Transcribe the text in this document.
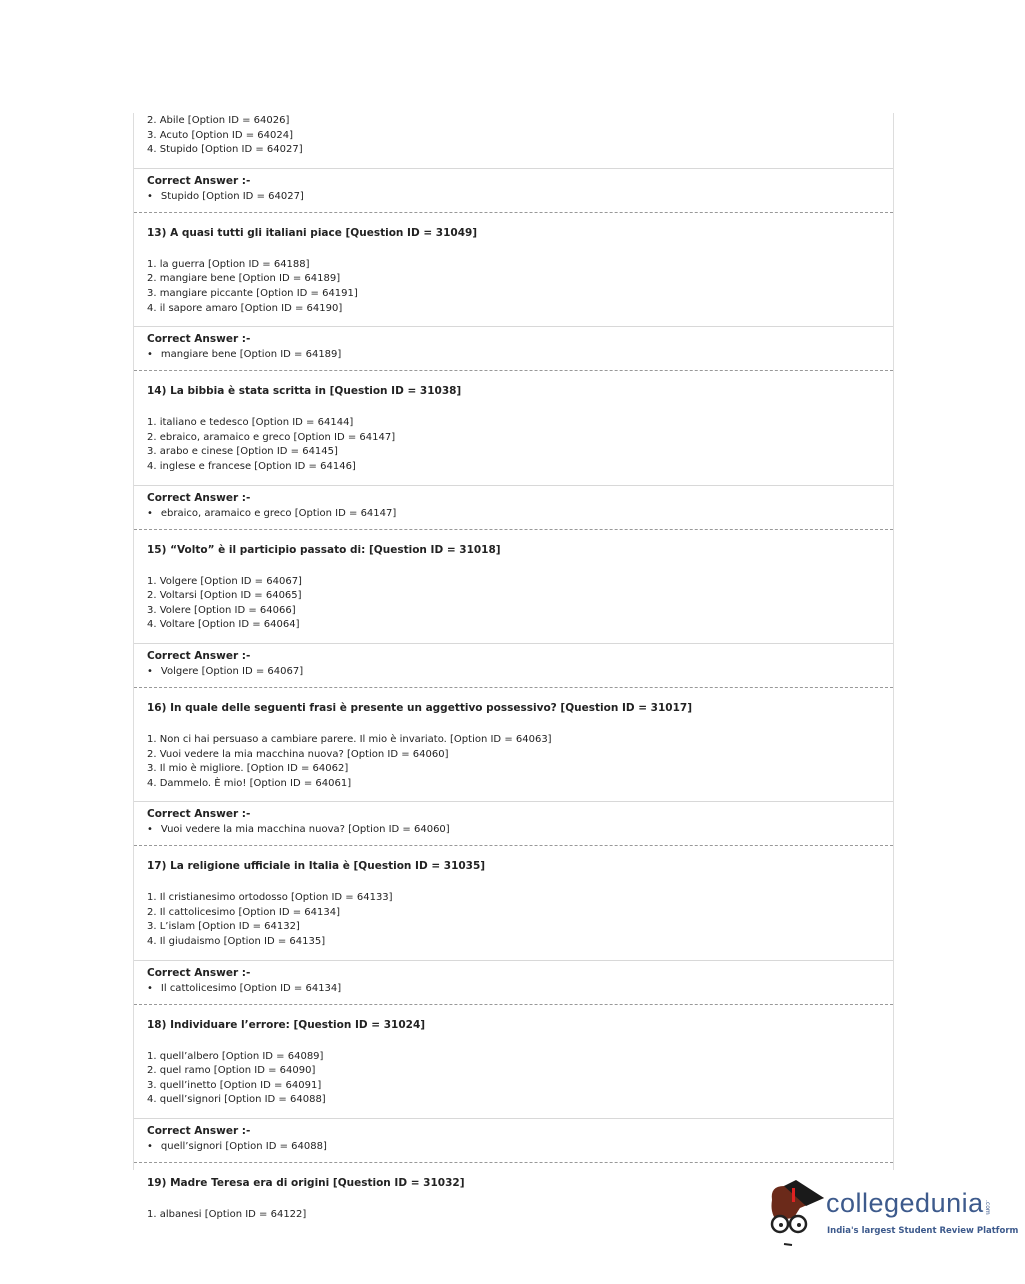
2. Abile [Option ID = 64026]
3. Acuto [Option ID = 64024]
4. Stupido [Option ID = 64027]
Correct Answer :-
• Stupido [Option ID = 64027]
13) A quasi tutti gli italiani piace [Question ID = 31049]
1. la guerra [Option ID = 64188]
2. mangiare bene [Option ID = 64189]
3. mangiare piccante [Option ID = 64191]
4. il sapore amaro [Option ID = 64190]
Correct Answer :-
• mangiare bene [Option ID = 64189]
14) La bibbia è stata scritta in [Question ID = 31038]
1. italiano e tedesco [Option ID = 64144]
2. ebraico, aramaico e greco [Option ID = 64147]
3. arabo e cinese [Option ID = 64145]
4. inglese e francese [Option ID = 64146]
Correct Answer :-
• ebraico, aramaico e greco [Option ID = 64147]
15) “Volto” è il participio passato di: [Question ID = 31018]
1. Volgere [Option ID = 64067]
2. Voltarsi [Option ID = 64065]
3. Volere [Option ID = 64066]
4. Voltare [Option ID = 64064]
Correct Answer :-
• Volgere [Option ID = 64067]
16) In quale delle seguenti frasi è presente un aggettivo possessivo? [Question ID = 31017]
1. Non ci hai persuaso a cambiare parere. Il mio è invariato. [Option ID = 64063]
2. Vuoi vedere la mia macchina nuova? [Option ID = 64060]
3. Il mio è migliore. [Option ID = 64062]
4. Dammelo. È mio! [Option ID = 64061]
Correct Answer :-
• Vuoi vedere la mia macchina nuova? [Option ID = 64060]
17) La religione ufficiale in Italia è [Question ID = 31035]
1. Il cristianesimo ortodosso [Option ID = 64133]
2. Il cattolicesimo [Option ID = 64134]
3. L’islam [Option ID = 64132]
4. Il giudaismo [Option ID = 64135]
Correct Answer :-
• Il cattolicesimo [Option ID = 64134]
18) Individuare l’errore: [Question ID = 31024]
1. quell’albero [Option ID = 64089]
2. quel ramo [Option ID = 64090]
3. quell’inetto [Option ID = 64091]
4. quell’signori [Option ID = 64088]
Correct Answer :-
• quell’signori [Option ID = 64088]
19) Madre Teresa era di origini [Question ID = 31032]
1. albanesi [Option ID = 64122]	collegedunia .com
India's largest Student Review Platform
